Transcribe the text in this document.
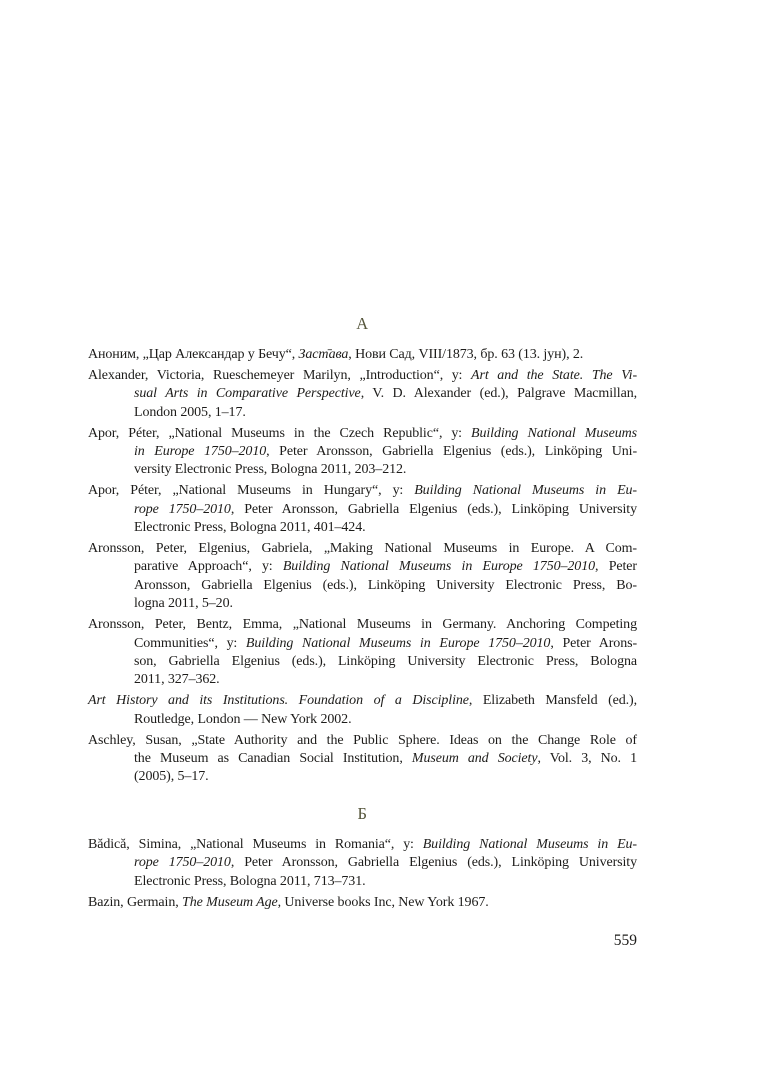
А

Аноним, „Цар Александар у Бечу“, Заст̄ава, Нови Сад, VIII/1873, бр. 63 (13. јун), 2.

Alexander, Victoria, Rueschemeyer Marilyn, „Introduction“, у: Art and the State. The Vi-
sual Arts in Comparative Perspective, V. D. Alexander (ed.), Palgrave Macmillan,
London 2005, 1–17.

Apor, Péter, „National Museums in the Czech Republic“, у: Building National Museums
in Europe 1750–2010, Peter Aronsson, Gabriella Elgenius (eds.), Linköping Uni-
versity Electronic Press, Bologna 2011, 203–212.

Apor, Péter, „National Museums in Hungary“, у: Building National Museums in Eu-
rope 1750–2010, Peter Aronsson, Gabriella Elgenius (eds.), Linköping University
Electronic Press, Bologna 2011, 401–424.

Aronsson, Peter, Elgenius, Gabriela, „Making National Museums in Europe. A Com-
parative Approach“, у: Building National Museums in Europe 1750–2010, Peter
Aronsson, Gabriella Elgenius (eds.), Linköping University Electronic Press, Bo-
logna 2011, 5–20.

Aronsson, Peter, Bentz, Emma, „National Museums in Germany. Anchoring Competing
Communities“, у: Building National Museums in Europe 1750–2010, Peter Arons-
son, Gabriella Elgenius (eds.), Linköping University Electronic Press, Bologna
2011, 327–362.

Art History and its Institutions. Foundation of a Discipline, Elizabeth Mansfeld (ed.),
Routledge, London — New York 2002.

Aschley, Susan, „State Authority and the Public Sphere. Ideas on the Change Role of
the Museum as Canadian Social Institution, Museum and Society, Vol. 3, No. 1
(2005), 5–17.

Б

Bădică, Simina, „National Museums in Romania“, у: Building National Museums in Eu-
rope 1750–2010, Peter Aronsson, Gabriella Elgenius (eds.), Linköping University
Electronic Press, Bologna 2011, 713–731.

Bazin, Germain, The Museum Age, Universe books Inc, New York 1967.

559
